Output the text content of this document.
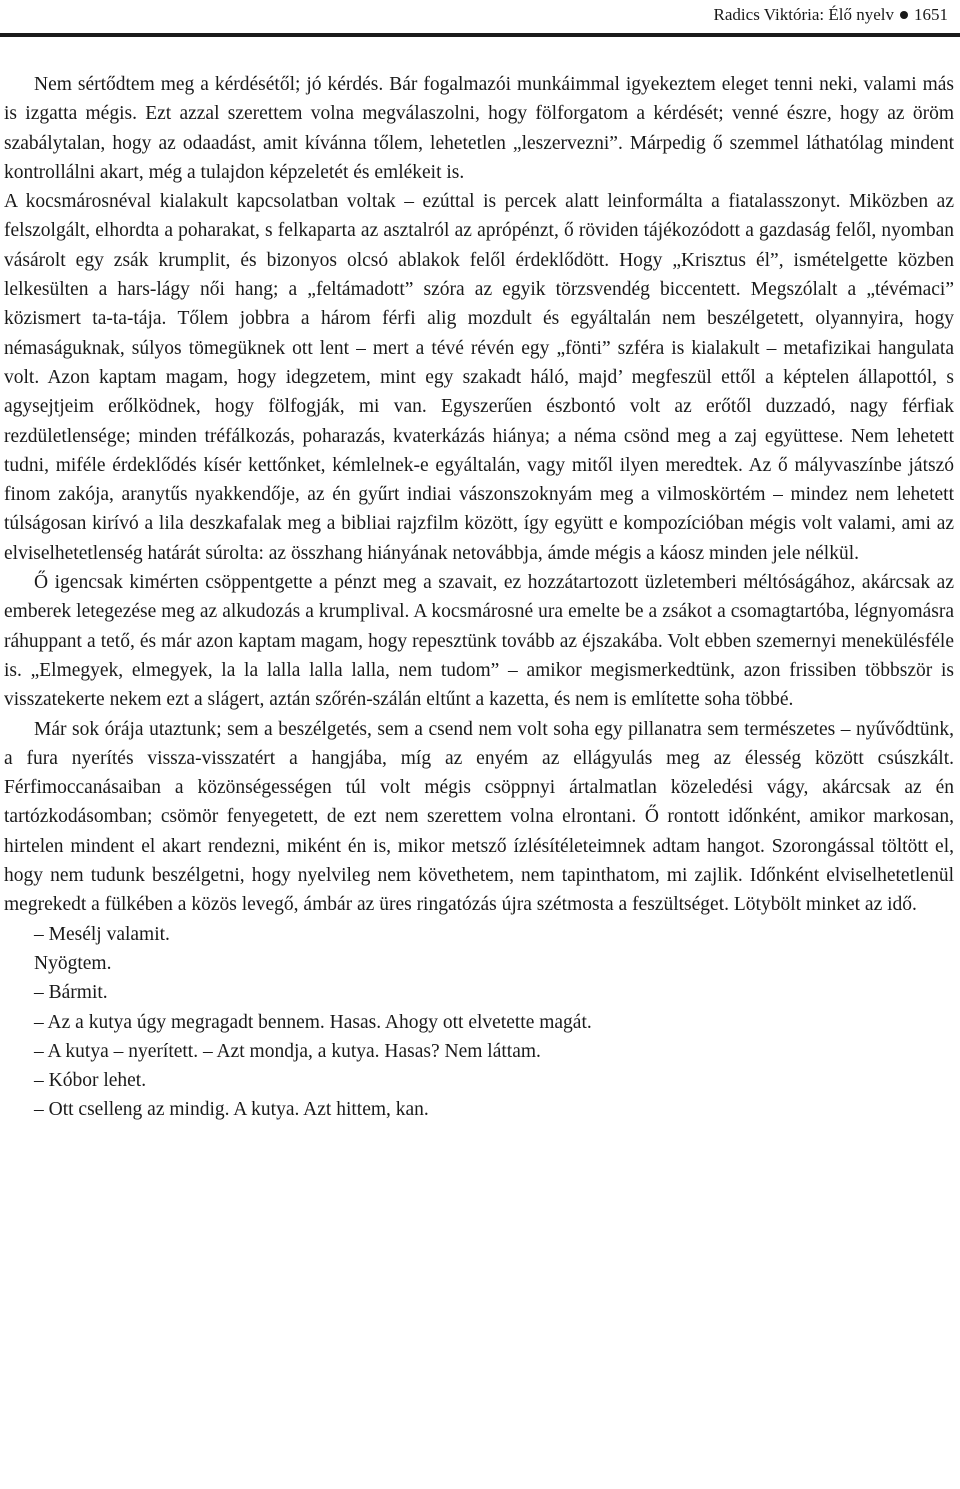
Radics Viktória: Élő nyelv 1651

Nem sértődtem meg a kérdésétől; jó kérdés. Bár fogalmazói munkáimmal igyekeztem eleget tenni neki, valami más is izgatta mégis. Ezt azzal szerettem volna megválaszolni, hogy fölforgatom a kérdését; venné észre, hogy az öröm szabálytalan, hogy az odaadást, amit kívánna tőlem, lehetetlen „leszervezni”. Márpedig ő szemmel láthatólag mindent kontrollálni akart, még a tulajdon képzeletét és emlékeit is.

A kocsmárosnéval kialakult kapcsolatban voltak – ezúttal is percek alatt leinformálta a fiatalasszonyt. Miközben az felszolgált, elhordta a poharakat, s felkaparta az asztalról az aprópénzt, ő röviden tájékozódott a gazdaság felől, nyomban vásárolt egy zsák krumplit, és bizonyos olcsó ablakok felől érdeklődött. Hogy „Krisztus él”, ismételgette közben lelkesülten a hars-lágy női hang; a „feltámadott” szóra az egyik törzsvendég biccentett. Megszólalt a „tévémaci” közismert ta-ta-tája. Tőlem jobbra a három férfi alig mozdult és egyáltalán nem beszélgetett, olyannyira, hogy némaságuknak, súlyos tömegüknek ott lent – mert a tévé révén egy „fönti” szféra is kialakult – metafizikai hangulata volt. Azon kaptam magam, hogy idegzetem, mint egy szakadt háló, majd’ megfeszül ettől a képtelen állapottól, s agysejtjeim erőlködnek, hogy fölfogják, mi van. Egyszerűen észbontó volt az erőtől duzzadó, nagy férfiak rezdületlensége; minden tréfálkozás, poharazás, kvaterkázás hiánya; a néma csönd meg a zaj együttese. Nem lehetett tudni, miféle érdeklődés kísér kettőnket, kémlelnek-e egyáltalán, vagy mitől ilyen meredtek. Az ő mályvaszínbe játszó finom zakója, aranytűs nyakkendője, az én gyűrt indiai vászonszoknyám meg a vilmoskörtém – mindez nem lehetett túlságosan kirívó a lila deszkafalak meg a bibliai rajzfilm között, így együtt e kompozícióban mégis volt valami, ami az elviselhetetlenség határát súrolta: az összhang hiányának netovábbja, ámde mégis a káosz minden jele nélkül.

Ő igencsak kimérten csöppentgette a pénzt meg a szavait, ez hozzátartozott üzletemberi méltóságához, akárcsak az emberek letegezése meg az alkudozás a krumplival. A kocsmárosné ura emelte be a zsákot a csomagtartóba, légnyomásra ráhuppant a tető, és már azon kaptam magam, hogy repesztünk tovább az éjszakába. Volt ebben szemernyi menekülésféle is. „Elmegyek, elmegyek, la la lalla lalla lalla, nem tudom” – amikor megismerkedtünk, azon frissiben többször is visszatekerte nekem ezt a slágert, aztán szőrén-szálán eltűnt a kazetta, és nem is említette soha többé.

Már sok órája utaztunk; sem a beszélgetés, sem a csend nem volt soha egy pillanatra sem természetes – nyűvődtünk, a fura nyerítés vissza-visszatért a hangjába, míg az enyém az ellágyulás meg az élesség között csúszkált. Férfimoccanásaiban a közönségességen túl volt mégis csöppnyi ártalmatlan közeledési vágy, akárcsak az én tartózkodásomban; csömör fenyegetett, de ezt nem szerettem volna elrontani. Ő rontott időnként, amikor markosan, hirtelen mindent el akart rendezni, miként én is, mikor metsző ízlésítéleteimnek adtam hangot. Szorongással töltött el, hogy nem tudunk beszélgetni, hogy nyelvileg nem követhetem, nem tapinthatom, mi zajlik. Időnként elviselhetetlenül megrekedt a fülkében a közös levegő, ámbár az üres ringatózás újra szétmosta a feszültséget. Lötybölt minket az idő.

– Mesélj valamit.

Nyögtem.

– Bármit.

– Az a kutya úgy megragadt bennem. Hasas. Ahogy ott elvetette magát.

– A kutya – nyerített. – Azt mondja, a kutya. Hasas? Nem láttam.

– Kóbor lehet.

– Ott cselleng az mindig. A kutya. Azt hittem, kan.
